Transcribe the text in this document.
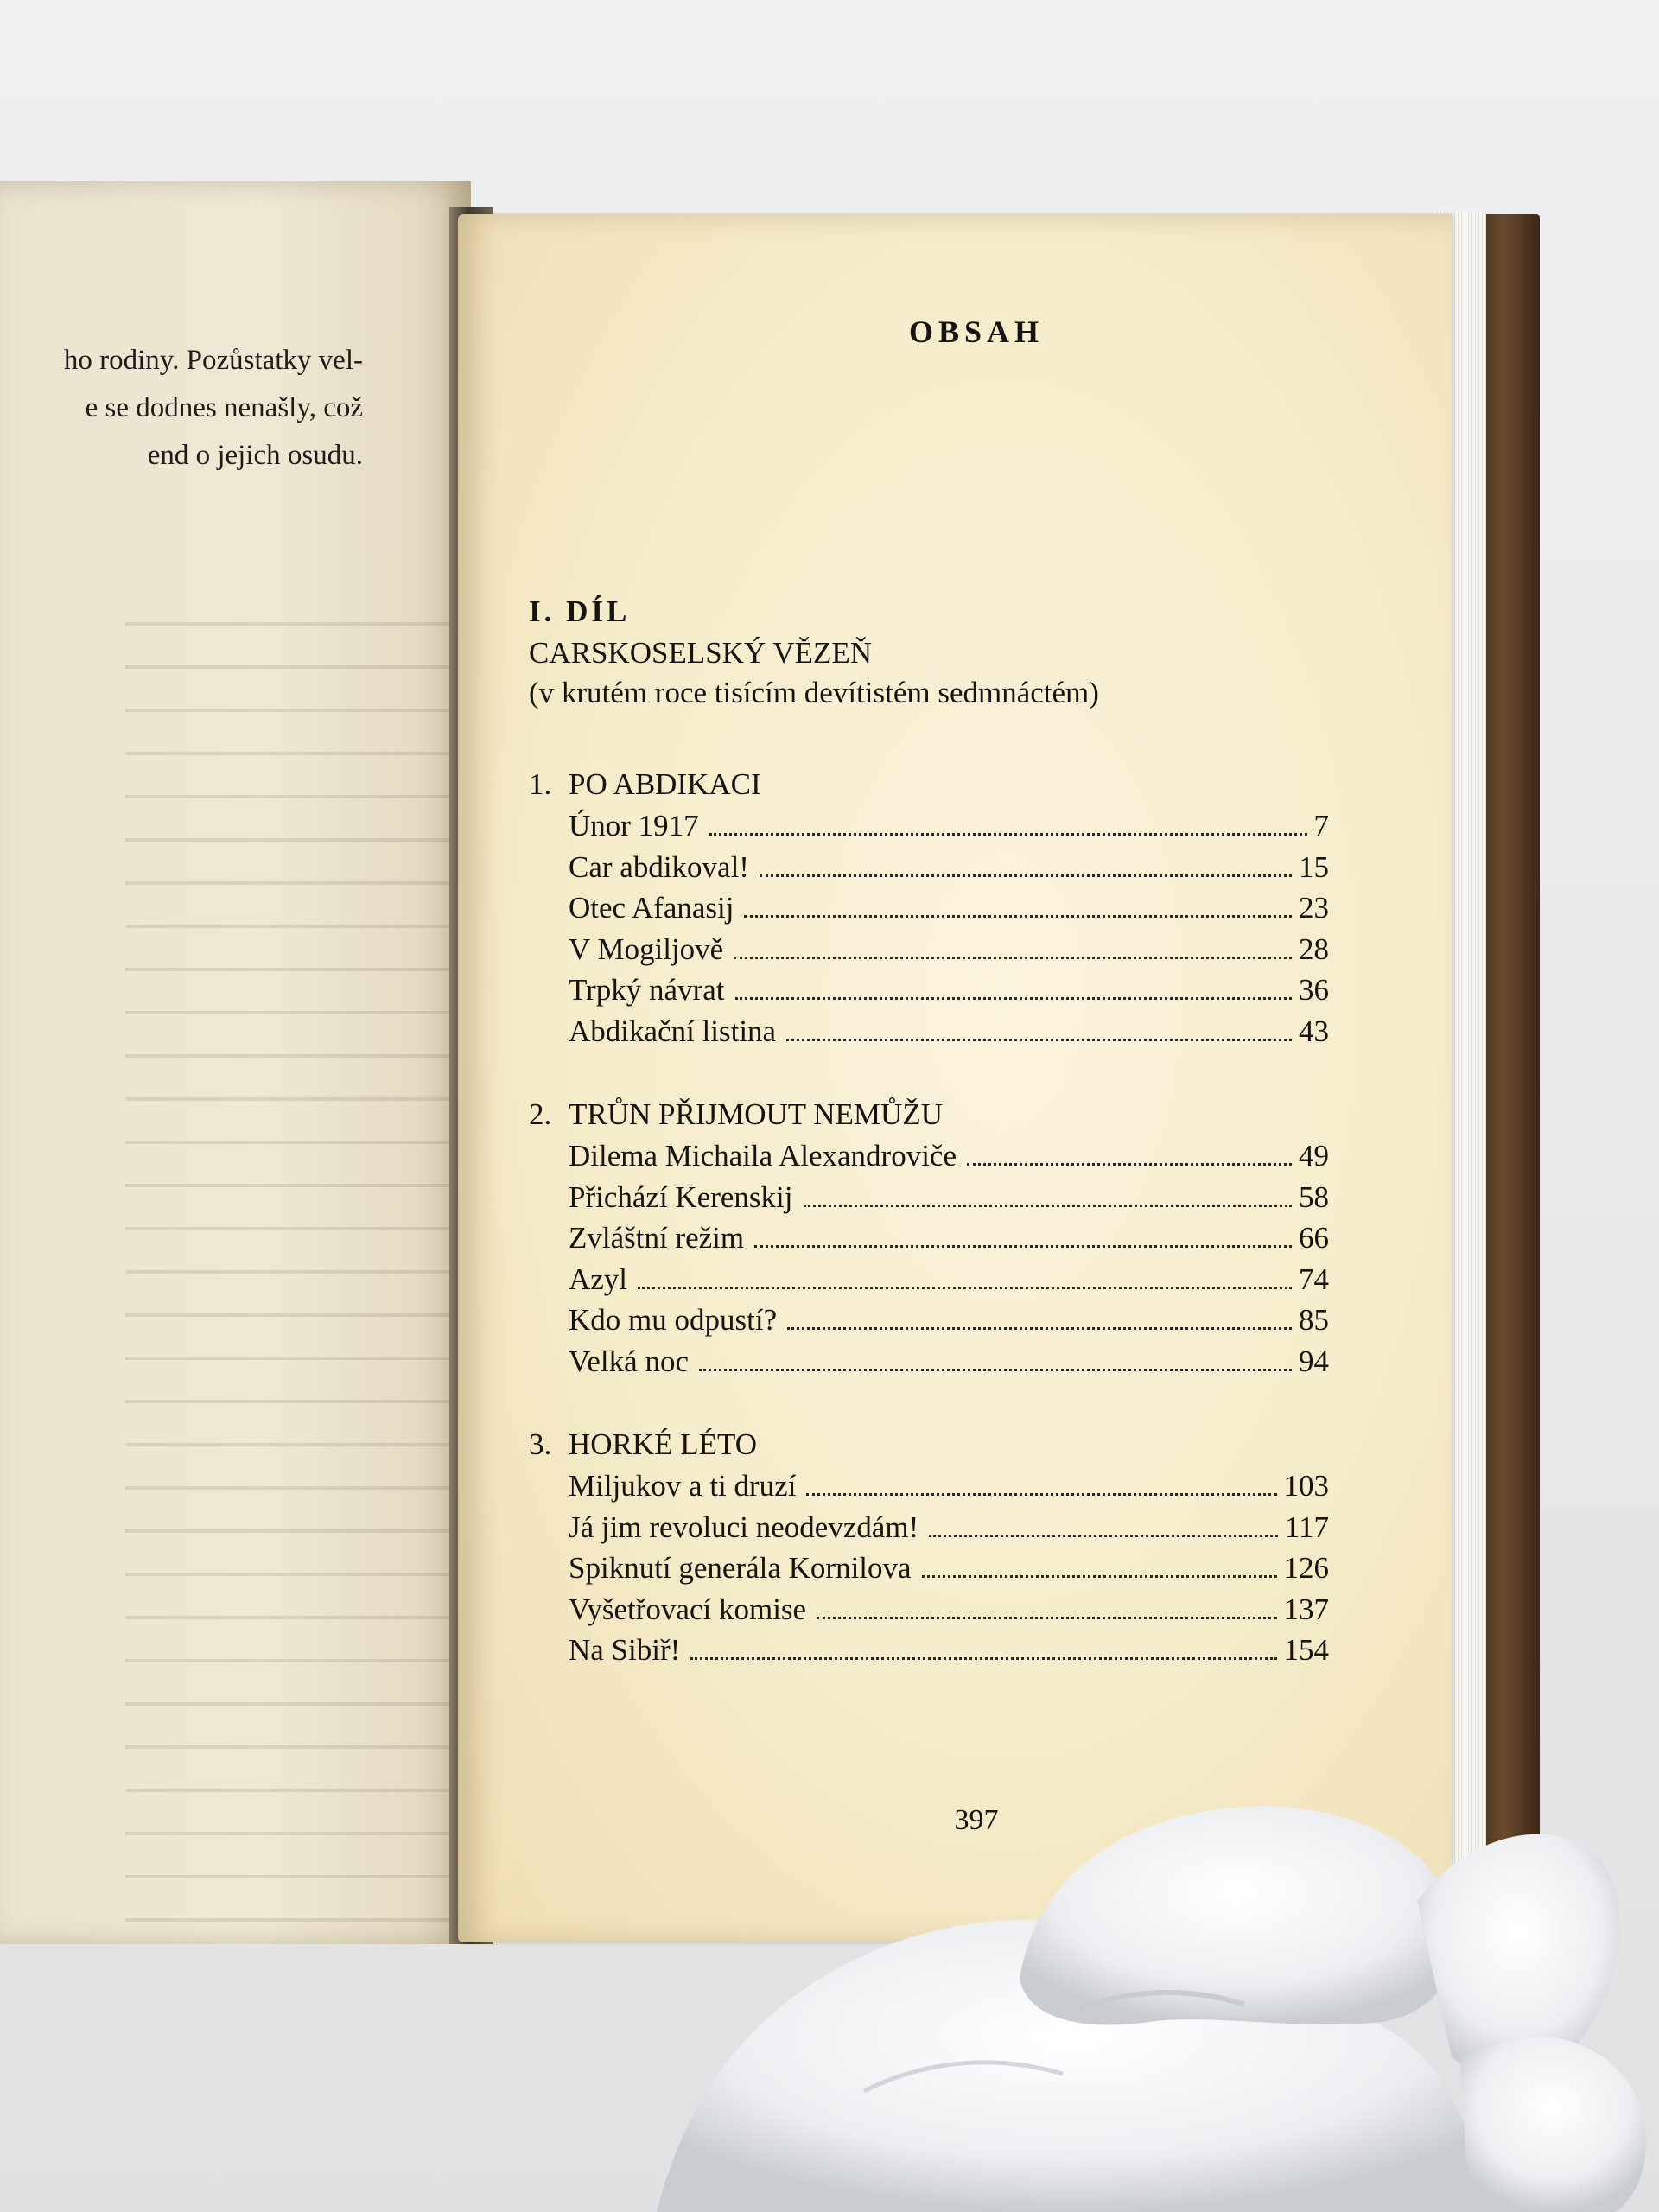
ho rodiny. Pozůstatky vel-
e se dodnes nenašly, což
end o jejich osudu.
OBSAH
I. DÍL
CARSKOSELSKÝ VĚZEŇ
(v krutém roce tisícím devítistém sedmnáctém)
1. PO ABDIKACI
Únor 1917	7
Car abdikoval!	15
Otec Afanasij	23
V Mogiljově	28
Trpký návrat	36
Abdikační listina	43
2. TRŮN PŘIJMOUT NEMŮŽU
Dilema Michaila Alexandroviče	49
Přichází Kerenskij	58
Zvláštní režim	66
Azyl	74
Kdo mu odpustí?	85
Velká noc	94
3. HORKÉ LÉTO
Miljukov a ti druzí	103
Já jim revoluci neodevzdám!	117
Spiknutí generála Kornilova	126
Vyšetřovací komise	137
Na Sibiř!	154
397
